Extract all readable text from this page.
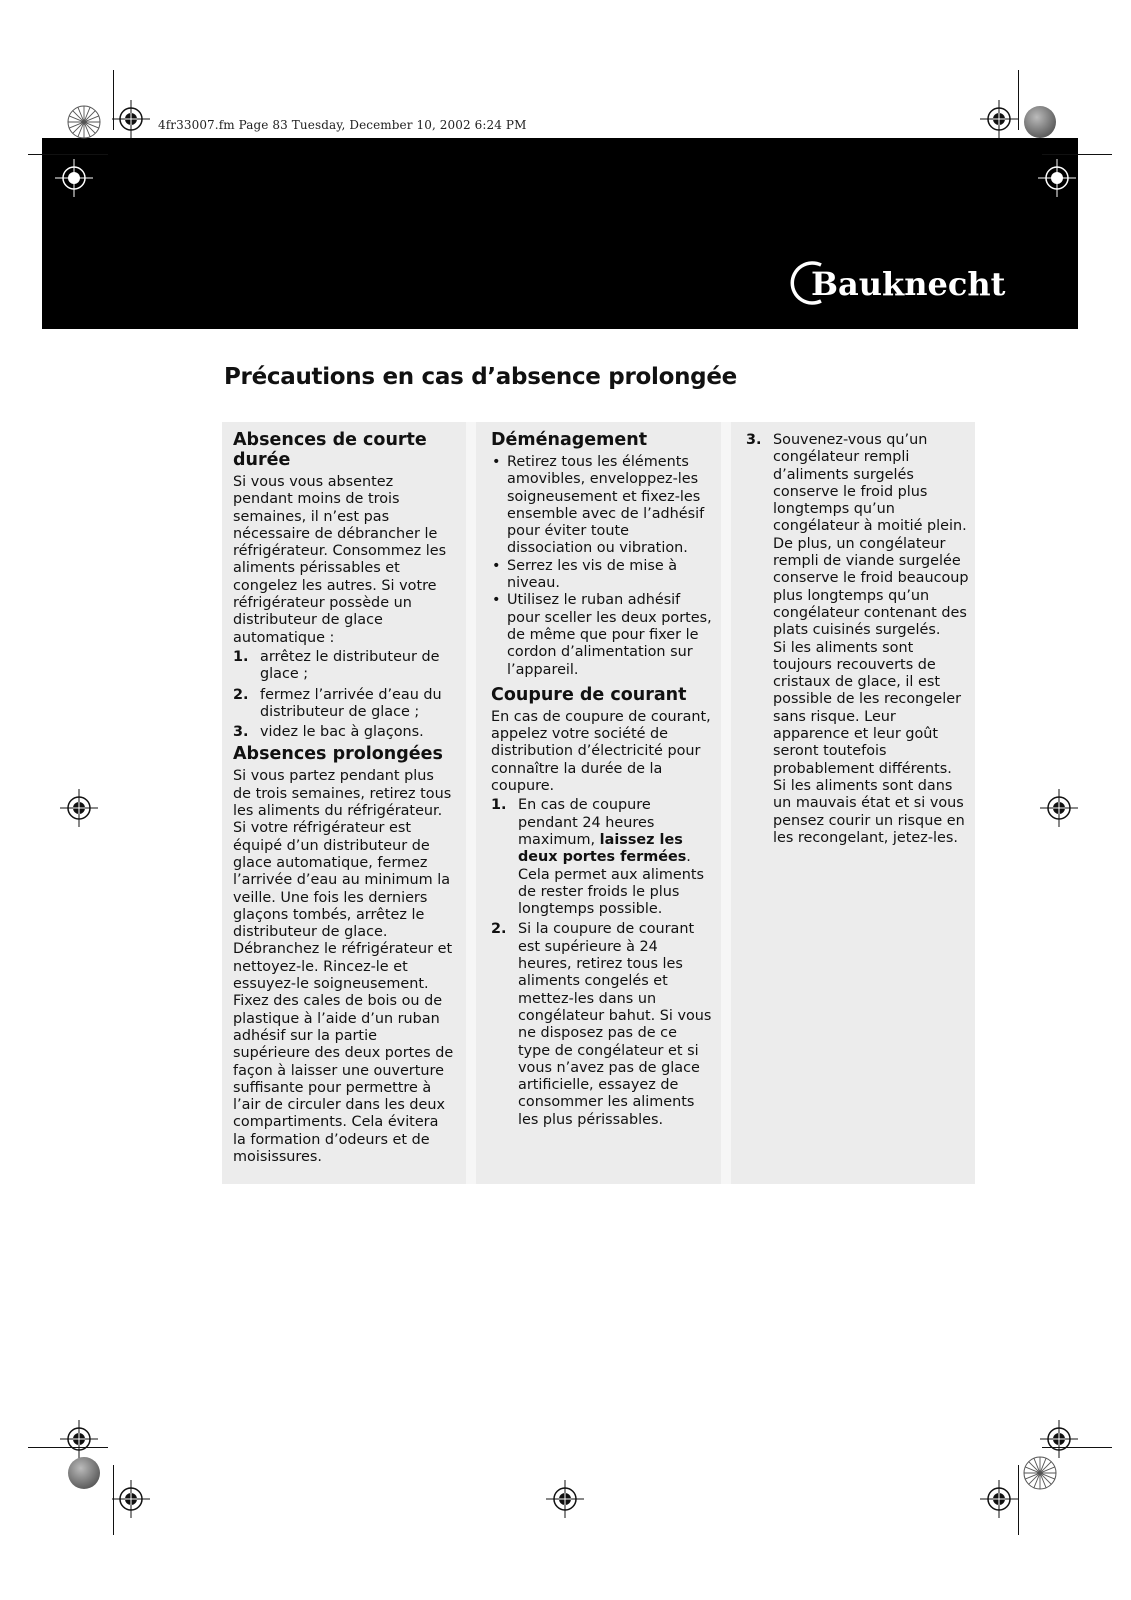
4fr33007.fm Page 83 Tuesday, December 10, 2002 6:24 PM
Bauknecht
Précautions en cas d’absence prolongée
Absences de courte durée

Si vous vous absentez pendant moins de trois semaines, il n’est pas nécessaire de débrancher le réfrigérateur. Consommez les aliments périssables et congelez les autres. Si votre réfrigérateur possède un distributeur de glace automatique :

1. arrêtez le distributeur de glace ;
2. fermez l’arrivée d’eau du distributeur de glace ;
3. videz le bac à glaçons.
Absences prolongées

Si vous partez pendant plus de trois semaines, retirez tous les aliments du réfrigérateur. Si votre réfrigérateur est équipé d’un distributeur de glace automatique, fermez l’arrivée d’eau au minimum la veille. Une fois les derniers glaçons tombés, arrêtez le distributeur de glace. Débranchez le réfrigérateur et nettoyez-le. Rincez-le et essuyez-le soigneusement. Fixez des cales de bois ou de plastique à l’aide d’un ruban adhésif sur la partie supérieure des deux portes de façon à laisser une ouverture suffisante pour permettre à l’air de circuler dans les deux compartiments. Cela évitera la formation d’odeurs et de moisissures.

Déménagement
• Retirez tous les éléments amovibles, enveloppez-les soigneusement et fixez-les ensemble avec de l’adhésif pour éviter toute dissociation ou vibration.
• Serrez les vis de mise à niveau.
• Utilisez le ruban adhésif pour sceller les deux portes, de même que pour fixer le cordon d’alimentation sur l’appareil.
Coupure de courant

En cas de coupure de courant, appelez votre société de distribution d’électricité pour connaître la durée de la coupure.

1. En cas de coupure pendant 24 heures maximum, laissez les deux portes fermées. Cela permet aux aliments de rester froids le plus longtemps possible.
2. Si la coupure de courant est supérieure à 24 heures, retirez tous les aliments congelés et mettez-les dans un congélateur bahut. Si vous ne disposez pas de ce type de congélateur et si vous n’avez pas de glace artificielle, essayez de consommer les aliments les plus périssables.
3. Souvenez-vous qu’un congélateur rempli d’aliments surgelés conserve le froid plus longtemps qu’un congélateur à moitié plein.
De plus, un congélateur rempli de viande surgelée conserve le froid beaucoup plus longtemps qu’un congélateur contenant des plats cuisinés surgelés.
Si les aliments sont toujours recouverts de cristaux de glace, il est possible de les recongeler sans risque. Leur apparence et leur goût seront toutefois probablement différents.
Si les aliments sont dans un mauvais état et si vous pensez courir un risque en les recongelant, jetez-les.
